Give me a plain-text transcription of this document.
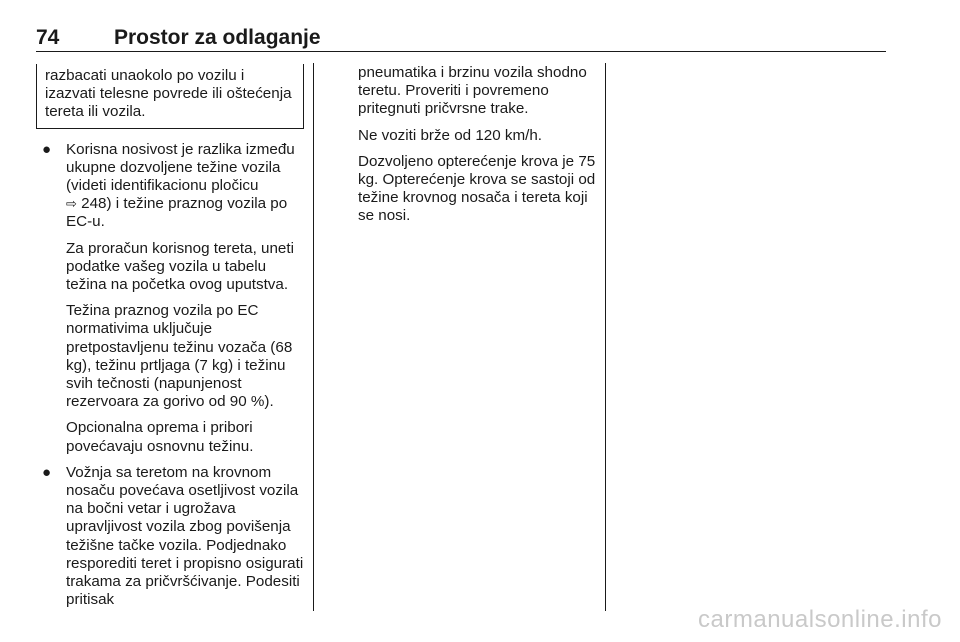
74	Prostor za odlaganje
razbacati unaokolo po vozilu i izazvati telesne povrede ili oštećenja tereta ili vozila.
● Korisna nosivost je razlika između ukupne dozvoljene težine vozila (videti identifikacionu pločicu ⇨ 248) i težine praznog vozila po EC-u.

Za proračun korisnog tereta, uneti podatke vašeg vozila u tabelu težina na početka ovog uputstva.

Težina praznog vozila po EC normativima uključuje pretpostavljenu težinu vozača (68 kg), težinu prtljaga (7 kg) i težinu svih tečnosti (napunjenost rezervoara za gorivo od 90 %).

Opcionalna oprema i pribori povećavaju osnovnu težinu.

● Vožnja sa teretom na krovnom nosaču povećava osetljivost vozila na bočni vetar i ugrožava upravljivost vozila zbog povišenja težišne tačke vozila. Podjednako resporediti teret i propisno osigurati trakama za pričvršćivanje. Podesiti pritisak

pneumatika i brzinu vozila shodno teretu. Proveriti i povremeno pritegnuti pričvrsne trake.

Ne voziti brže od 120 km/h.

Dozvoljeno opterećenje krova je 75 kg. Opterećenje krova se sastoji od težine krovnog nosača i tereta koji se nosi.

carmanualsonline.info
